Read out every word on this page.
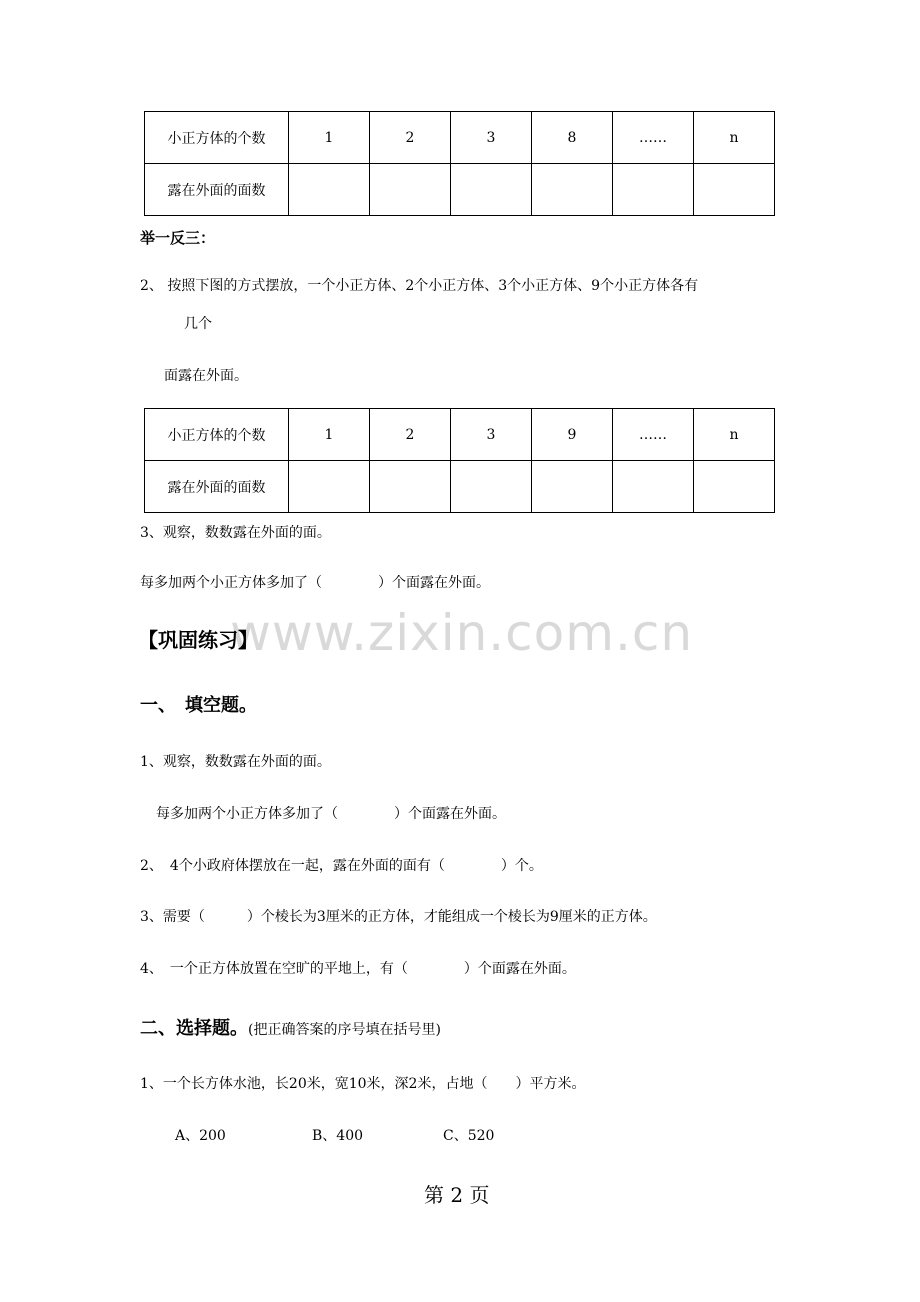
小正方体的个数	1	2	3	8	……	n
露在外面的面数						
举一反三：
2、 按照下图的方式摆放，一个小正方体、2个小正方体、3个小正方体、9个小正方体各有
几个
面露在外面。
小正方体的个数	1	2	3	9	……	n
露在外面的面数						
3、观察，数数露在外面的面。
每多加两个小正方体多加了（　　　　）个面露在外面。
www.zixin.com.cn
【巩固练习】
一、　填空题。
1、观察，数数露在外面的面。
每多加两个小正方体多加了（　　　　）个面露在外面。
2、　4个小政府体摆放在一起，露在外面的面有（　　　　）个。
3、需要（　　　）个棱长为3厘米的正方体，才能组成一个棱长为9厘米的正方体。
4、　一个正方体放置在空旷的平地上，有（　　　　）个面露在外面。
二、选择题。(把正确答案的序号填在括号里)
1、一个长方体水池，长20米，宽10米，深2米，占地（　　）平方米。
A、200	B、400	C、520
第 2 页
